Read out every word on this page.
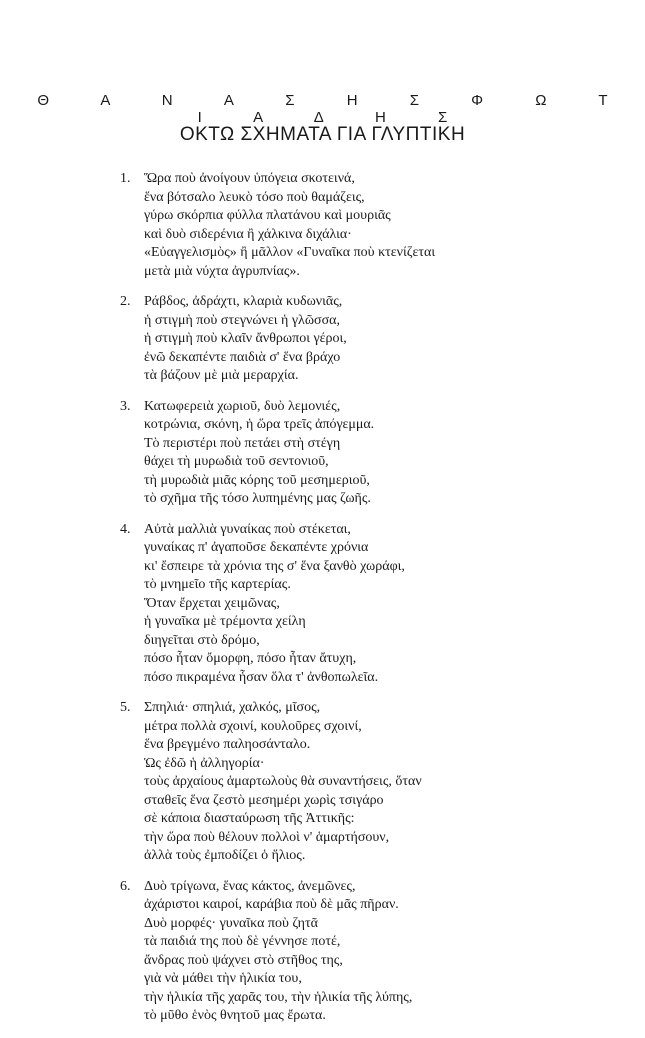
Θ Α Ν Α Σ Η Σ Φ Ω Τ Ι Α Δ Η Σ
ΟΚΤΩ ΣΧΗΜΑΤΑ ΓΙΑ ΓΛΥΠΤΙΚΗ
1. Ὥρα ποὺ ἀνοίγουν ὑπόγεια σκοτεινά,
ἕνα βότσαλο λευκὸ τόσο ποὺ θαμάζεις,
γύρω σκόρπια φύλλα πλατάνου καὶ μουριᾶς
καὶ δυὸ σιδερένια ἢ χάλκινα διχάλια·
«Εὐαγγελισμὸς» ἢ μᾶλλον «Γυναῖκα ποὺ κτενίζεται
μετὰ μιὰ νύχτα ἀγρυπνίας».
2. Ράβδος, ἀδράχτι, κλαριὰ κυδωνιᾶς,
ἡ στιγμὴ ποὺ στεγνώνει ἡ γλῶσσα,
ἡ στιγμὴ ποὺ κλαῖν ἄνθρωποι γέροι,
ἐνῶ δεκαπέντε παιδιὰ σ' ἕνα βράχο
τὰ βάζουν μὲ μιὰ μεραρχία.
3. Κατωφερειὰ χωριοῦ, δυὸ λεμονιές,
κοτρώνια, σκόνη, ἡ ὥρα τρεῖς ἀπόγεμμα.
Τὸ περιστέρι ποὺ πετάει στὴ στέγη
θάχει τὴ μυρωδιὰ τοῦ σεντονιοῦ,
τὴ μυρωδιὰ μιᾶς κόρης τοῦ μεσημεριοῦ,
τὸ σχῆμα τῆς τόσο λυπημένης μας ζωῆς.
4. Αὐτὰ μαλλιὰ γυναίκας ποὺ στέκεται,
γυναίκας π' ἀγαποῦσε δεκαπέντε χρόνια
κι' ἔσπειρε τὰ χρόνια της σ' ἕνα ξανθὸ χωράφι,
τὸ μνημεῖο τῆς καρτερίας.
Ὅταν ἔρχεται χειμῶνας,
ἡ γυναῖκα μὲ τρέμοντα χείλη
διηγεῖται στὸ δρόμο,
πόσο ἦταν ὄμορφη, πόσο ἦταν ἄτυχη,
πόσο πικραμένα ἦσαν ὅλα τ' ἀνθοπωλεῖα.
5. Σπηλιά· σπηλιά, χαλκός, μῖσος,
μέτρα πολλὰ σχοινί, κουλοῦρες σχοινί,
ἕνα βρεγμένο παληοσάνταλο.
Ὡς ἐδῶ ἡ ἀλληγορία·
τοὺς ἀρχαίους ἁμαρτωλοὺς θὰ συναντήσεις, ὅταν
σταθεῖς ἕνα ζεστὸ μεσημέρι χωρὶς τσιγάρο
σὲ κάποια διασταύρωση τῆς Ἀττικῆς:
τὴν ὥρα ποὺ θέλουν πολλοὶ ν' ἁμαρτήσουν,
ἀλλὰ τοὺς ἐμποδίζει ὁ ἥλιος.
6. Δυὸ τρίγωνα, ἕνας κάκτος, ἀνεμῶνες,
ἀχάριστοι καιροί, καράβια ποὺ δὲ μᾶς πῆραν.
Δυὸ μορφές· γυναῖκα ποὺ ζητᾶ
τὰ παιδιά της ποὺ δὲ γέννησε ποτέ,
ἄνδρας ποὺ ψάχνει στὸ στῆθος της,
γιὰ νὰ μάθει τὴν ἡλικία του,
τὴν ἡλικία τῆς χαρᾶς του, τὴν ἡλικία τῆς λύπης,
τὸ μῦθο ἑνὸς θνητοῦ μας ἔρωτα.
